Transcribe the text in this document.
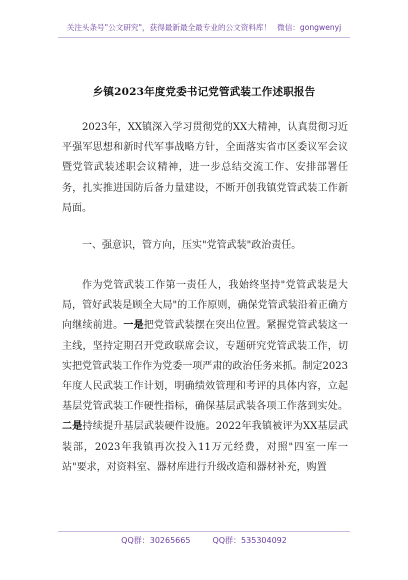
关注头条号"公文研究"，获得最新最全最专业的公文资料库！ 微信：gongwenyj
乡镇2023年度党委书记党管武装工作述职报告
2023年，XX镇深入学习贯彻党的XX大精神，认真贯彻习近平强军思想和新时代军事战略方针，全面落实省市区委议军会议暨党管武装述职会议精神，进一步总结交流工作、安排部署任务，扎实推进国防后备力量建设，不断开创我镇党管武装工作新局面。
一、强意识，管方向，压实"党管武装"政治责任。
作为党管武装工作第一责任人，我始终坚持"党管武装是大局，管好武装是顾全大局"的工作原则，确保党管武装沿着正确方向继续前进。一是把党管武装摆在突出位置。紧握党管武装这一主线，坚持定期召开党政联席会议，专题研究党管武装工作，切实把党管武装工作作为党委一项严肃的政治任务来抓。制定2023年度人民武装工作计划，明确绩效管理和考评的具体内容，立起基层党管武装工作硬性指标，确保基层武装各项工作落到实处。二是持续提升基层武装硬件设施。2022年我镇被评为XX基层武装部，2023年我镇再次投入11万元经费，对照"四室一库一站"要求，对资料室、器材库进行升级改造和器材补充，购置
QQ群：30265665	QQ群：535304092
